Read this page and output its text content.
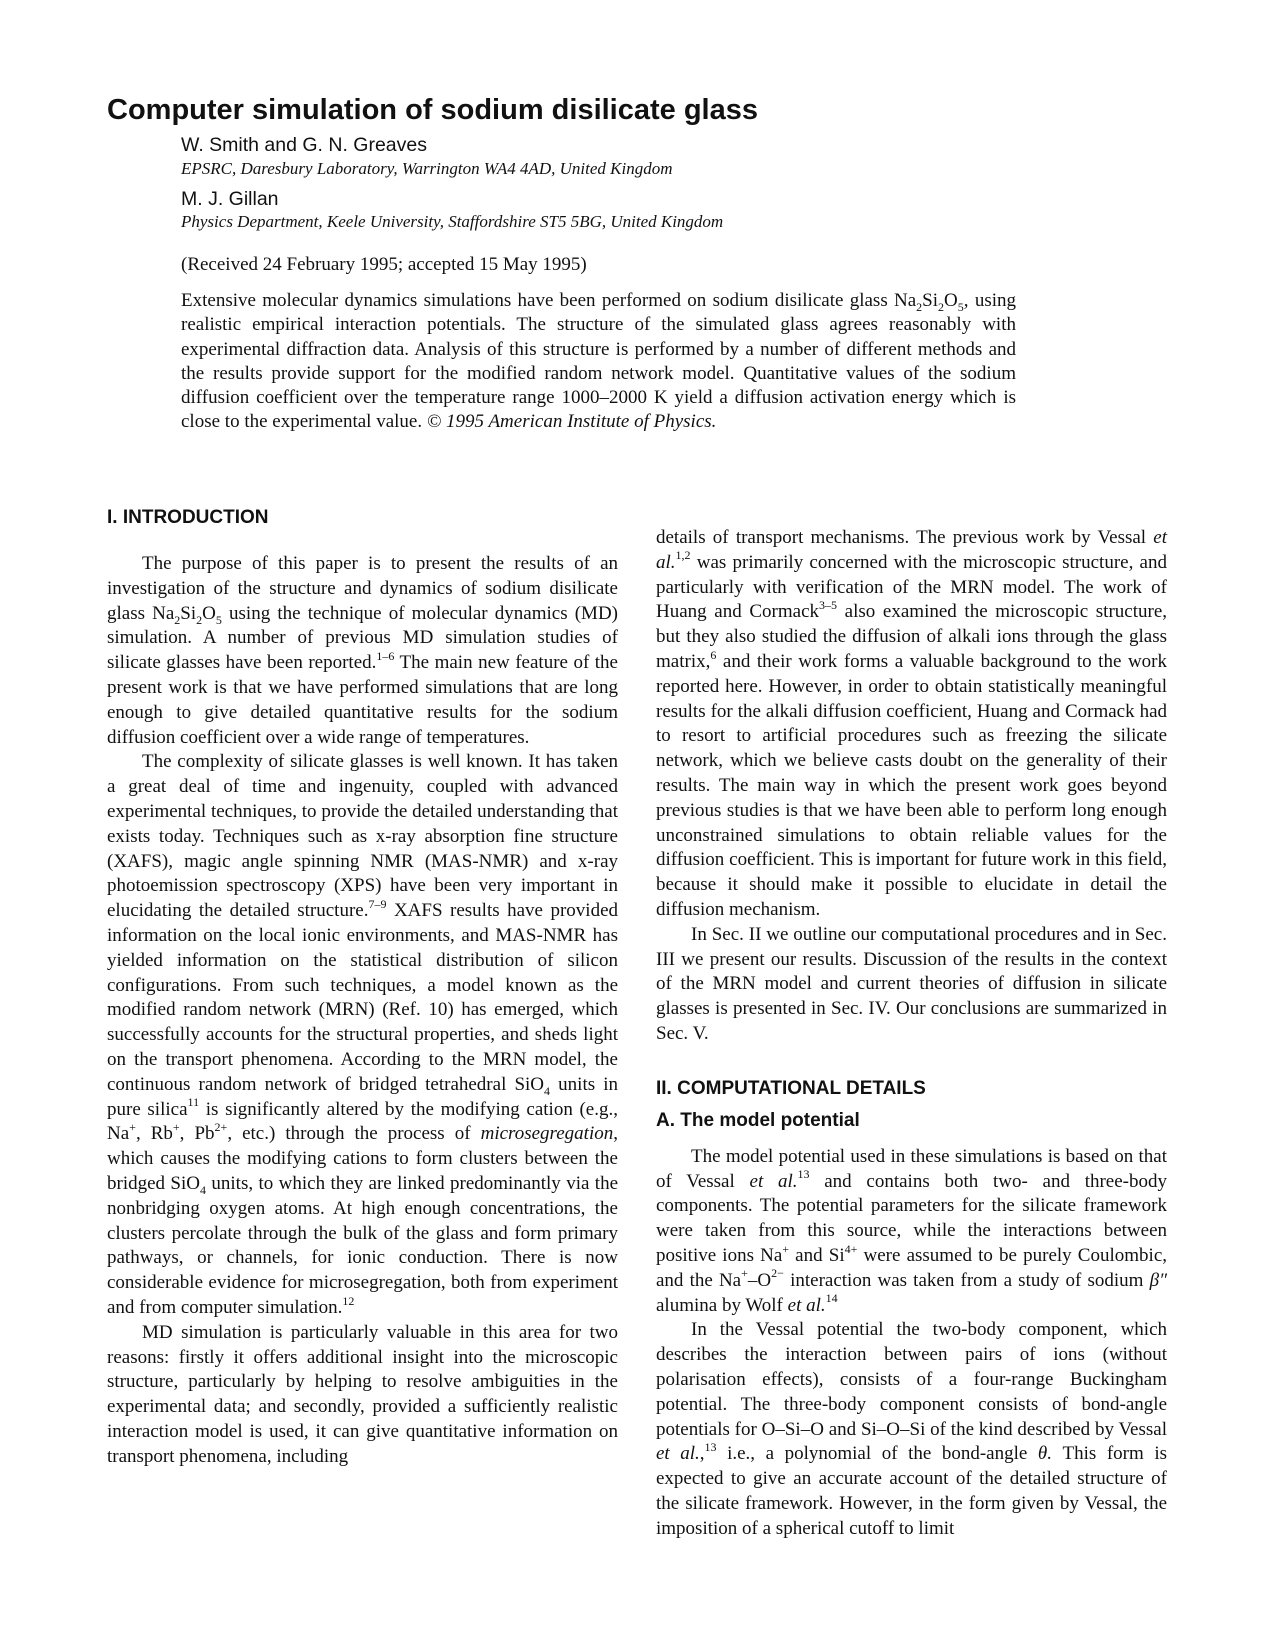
Computer simulation of sodium disilicate glass

W. Smith and G. N. Greaves

EPSRC, Daresbury Laboratory, Warrington WA4 4AD, United Kingdom

M. J. Gillan

Physics Department, Keele University, Staffordshire ST5 5BG, United Kingdom

(Received 24 February 1995; accepted 15 May 1995)

Extensive molecular dynamics simulations have been performed on sodium disilicate glass $Na_2Si_2O_5$, using realistic empirical interaction potentials. The structure of the simulated glass agrees reasonably with experimental diffraction data. Analysis of this structure is performed by a number of different methods and the results provide support for the modified random network model. Quantitative values of the sodium diffusion coefficient over the temperature range 1000–2000 K yield a diffusion activation energy which is close to the experimental value. © 1995 American Institute of Physics.

I. INTRODUCTION

The purpose of this paper is to present the results of an investigation of the structure and dynamics of sodium disilicate glass $Na_2Si_2O_5$ using the technique of molecular dynamics (MD) simulation. A number of previous MD simulation studies of silicate glasses have been reported.$^{1-6}$ The main new feature of the present work is that we have performed simulations that are long enough to give detailed quantitative results for the sodium diffusion coefficient over a wide range of temperatures.

The complexity of silicate glasses is well known. It has taken a great deal of time and ingenuity, coupled with advanced experimental techniques, to provide the detailed understanding that exists today. Techniques such as x-ray absorption fine structure (XAFS), magic angle spinning NMR (MAS-NMR) and x-ray photoemission spectroscopy (XPS) have been very important in elucidating the detailed structure.$^{7-9}$ XAFS results have provided information on the local ionic environments, and MAS-NMR has yielded information on the statistical distribution of silicon configurations. From such techniques, a model known as the modified random network (MRN) (Ref. 10) has emerged, which successfully accounts for the structural properties, and sheds light on the transport phenomena. According to the MRN model, the continuous random network of bridged tetrahedral SiO$_4$ units in pure silica$^{11}$ is significantly altered by the modifying cation (e.g., Na+, Rb+, $Pb^{2+}$, etc.) through the process of microsegregation, which causes the modifying cations to form clusters between the bridged SiO$_4$ units, to which they are linked predominantly via the nonbridging oxygen atoms. At high enough concentrations, the clusters percolate through the bulk of the glass and form primary pathways, or channels, for ionic conduction. There is now considerable evidence for microsegregation, both from experiment and from computer simulation.$^{12}$

MD simulation is particularly valuable in this area for two reasons: firstly it offers additional insight into the microscopic structure, particularly by helping to resolve ambiguities in the experimental data; and secondly, provided a sufficiently realistic interaction model is used, it can give quantitative information on transport phenomena, including

details of transport mechanisms. The previous work by Vessal et al.$^{1,2}$ was primarily concerned with the microscopic structure, and particularly with verification of the MRN model. The work of Huang and Cormack$^{3-5}$ also examined the microscopic structure, but they also studied the diffusion of alkali ions through the glass matrix,$^6$ and their work forms a valuable background to the work reported here. However, in order to obtain statistically meaningful results for the alkali diffusion coefficient, Huang and Cormack had to resort to artificial procedures such as freezing the silicate network, which we believe casts doubt on the generality of their results. The main way in which the present work goes beyond previous studies is that we have been able to perform long enough unconstrained simulations to obtain reliable values for the diffusion coefficient. This is important for future work in this field, because it should make it possible to elucidate in detail the diffusion mechanism.

In Sec. II we outline our computational procedures and in Sec. III we present our results. Discussion of the results in the context of the MRN model and current theories of diffusion in silicate glasses is presented in Sec. IV. Our conclusions are summarized in Sec. V.

II. COMPUTATIONAL DETAILS
A. The model potential

The model potential used in these simulations is based on that of Vessal et al.$^{13}$ and contains both two- and three-body components. The potential parameters for the silicate framework were taken from this source, while the interactions between positive ions Na+ and $Si^{4+}$ were assumed to be purely Coulombic, and the $Na^+-O^{2-}$ interaction was taken from a study of sodium β″ alumina by Wolf et al.$^{14}$

In the Vessal potential the two-body component, which describes the interaction between pairs of ions (without polarisation effects), consists of a four-range Buckingham potential. The three-body component consists of bond-angle potentials for O–Si–O and Si–O–Si of the kind described by Vessal et al.,$^{13}$ i.e., a polynomial of the bond-angle θ. This form is expected to give an accurate account of the detailed structure of the silicate framework. However, in the form given by Vessal, the imposition of a spherical cutoff to limit
